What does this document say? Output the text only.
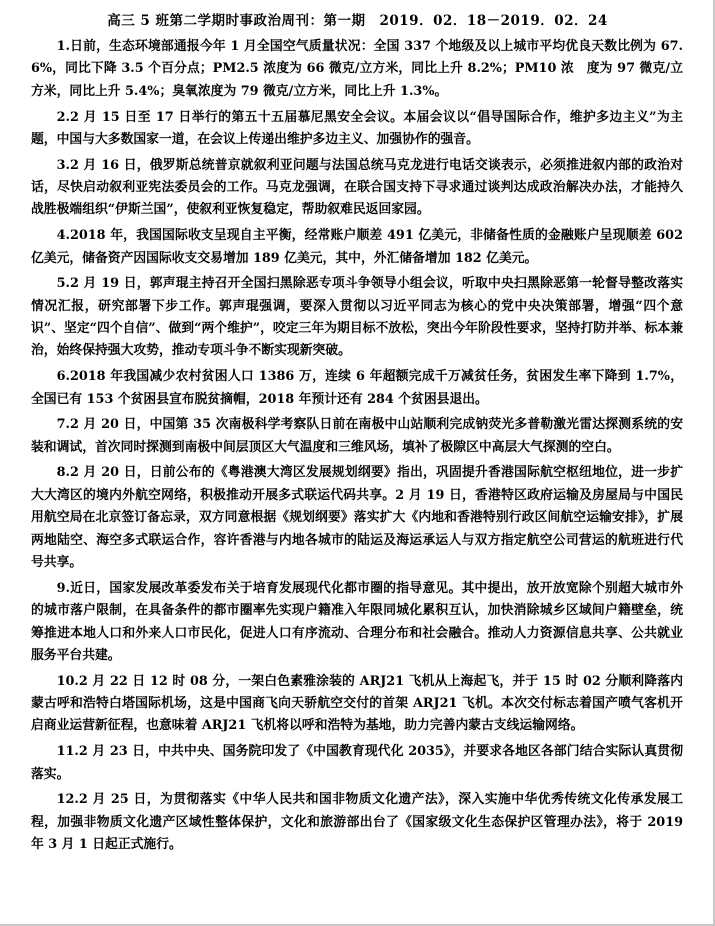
高三 5 班第二学期时事政治周刊：第一期　2019．02．18－2019．02．24

1.日前，生态环境部通报今年 1 月全国空气质量状况：全国 337 个地级及以上城市平均优良天数比例为 67.6%，同比下降 3.5 个百分点；PM2.5 浓度为 66 微克/立方米，同比上升 8.2%；PM10 浓　度为 97 微克/立方米，同比上升 5.4%；臭氧浓度为 79 微克/立方米，同比上升 1.3%。

2.2 月 15 日至 17 日举行的第五十五届慕尼黑安全会议。本届会议以“倡导国际合作，维护多边主义”为主题，中国与大多数国家一道，在会议上传递出维护多边主义、加强协作的强音。

3.2 月 16 日，俄罗斯总统普京就叙利亚问题与法国总统马克龙进行电话交谈表示，必须推进叙内部的政治对话，尽快启动叙利亚宪法委员会的工作。马克龙强调，在联合国支持下寻求通过谈判达成政治解决办法，才能持久战胜极端组织“伊斯兰国”，使叙利亚恢复稳定，帮助叙难民返回家园。

4.2018 年，我国国际收支呈现自主平衡，经常账户顺差 491 亿美元，非储备性质的金融账户呈现顺差 602 亿美元，储备资产因国际收支交易增加 189 亿美元，其中，外汇储备增加 182 亿美元。

5.2 月 19 日，郭声琨主持召开全国扫黑除恶专项斗争领导小组会议，听取中央扫黑除恶第一轮督导整改落实情况汇报，研究部署下步工作。郭声琨强调，要深入贯彻以习近平同志为核心的党中央决策部署，增强“四个意识”、坚定“四个自信”、做到“两个维护”，咬定三年为期目标不放松，突出今年阶段性要求，坚持打防并举、标本兼治，始终保持强大攻势，推动专项斗争不断实现新突破。

6.2018 年我国减少农村贫困人口 1386 万，连续 6 年超额完成千万减贫任务，贫困发生率下降到 1.7%，全国已有 153 个贫困县宣布脱贫摘帽，2018 年预计还有 284 个贫困县退出。

7.2 月 20 日，中国第 35 次南极科学考察队日前在南极中山站顺利完成钠荧光多普勒激光雷达探测系统的安装和调试，首次同时探测到南极中间层顶区大气温度和三维风场，填补了极隙区中高层大气探测的空白。

8.2 月 20 日，日前公布的《粤港澳大湾区发展规划纲要》指出，巩固提升香港国际航空枢纽地位，进一步扩大大湾区的境内外航空网络，积极推动开展多式联运代码共享。2 月 19 日，香港特区政府运输及房屋局与中国民用航空局在北京签订备忘录，双方同意根据《规划纲要》落实扩大《内地和香港特别行政区间航空运输安排》，扩展两地陆空、海空多式联运合作，容许香港与内地各城市的陆运及海运承运人与双方指定航空公司营运的航班进行代号共享。

9.近日，国家发展改革委发布关于培育发展现代化都市圈的指导意见。其中提出，放开放宽除个别超大城市外的城市落户限制，在具备条件的都市圈率先实现户籍准入年限同城化累积互认，加快消除城乡区域间户籍壁垒，统筹推进本地人口和外来人口市民化，促进人口有序流动、合理分布和社会融合。推动人力资源信息共享、公共就业服务平台共建。

10.2 月 22 日 12 时 08 分，一架白色素雅涂装的 ARJ21 飞机从上海起飞，并于 15 时 02 分顺利降落内蒙古呼和浩特白塔国际机场，这是中国商飞向天骄航空交付的首架 ARJ21 飞机。本次交付标志着国产喷气客机开启商业运营新征程，也意味着 ARJ21 飞机将以呼和浩特为基地，助力完善内蒙古支线运输网络。

11.2 月 23 日，中共中央、国务院印发了《中国教育现代化 2035》，并要求各地区各部门结合实际认真贯彻落实。

12.2 月 25 日，为贯彻落实《中华人民共和国非物质文化遗产法》，深入实施中华优秀传统文化传承发展工程，加强非物质文化遗产区域性整体保护，文化和旅游部出台了《国家级文化生态保护区管理办法》，将于 2019 年 3 月 1 日起正式施行。
